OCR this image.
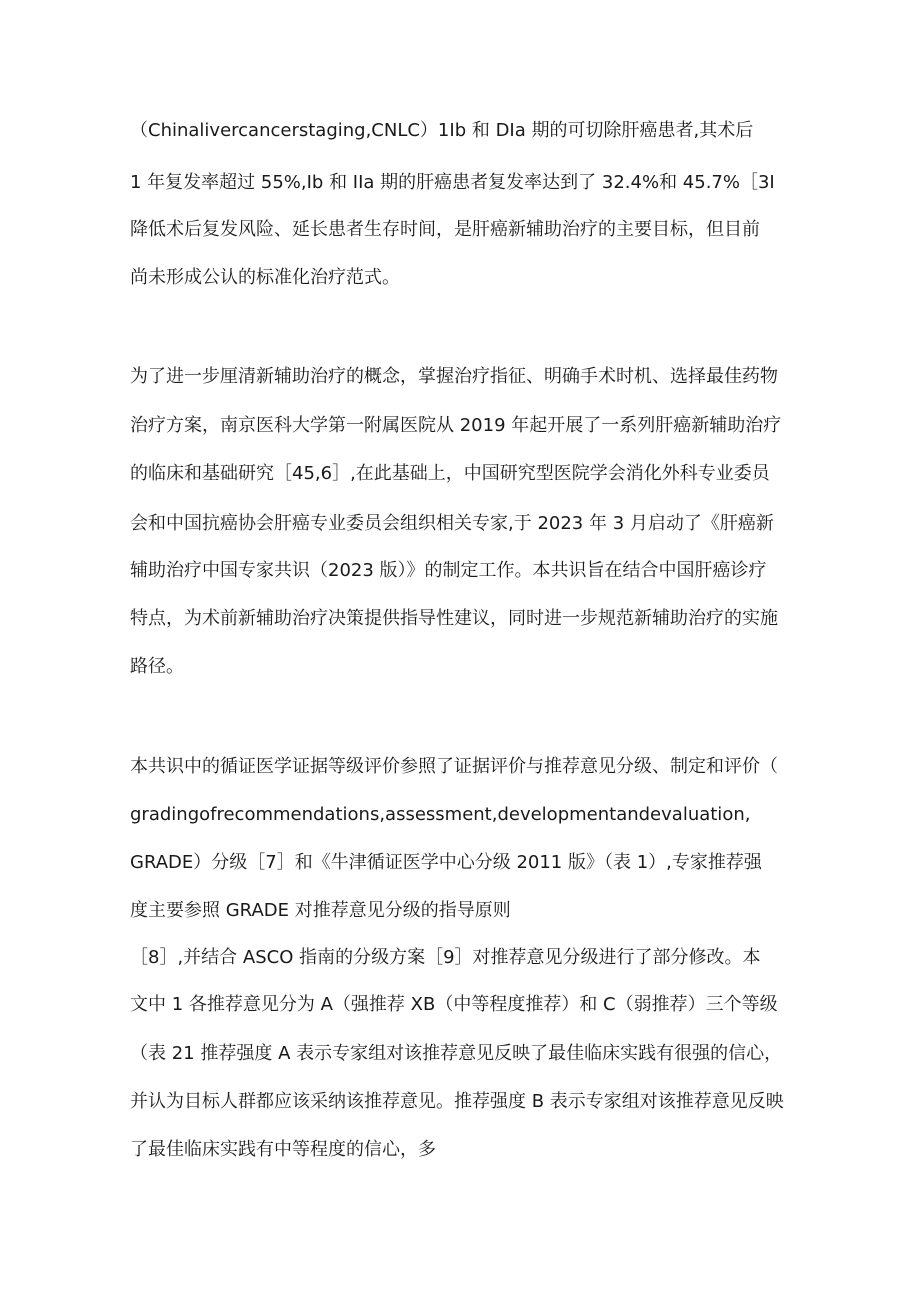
（Chinalivercancerstaging,CNLC）1Ib 和 DIa 期的可切除肝癌患者,其术后
1 年复发率超过 55%,Ib 和 IIa 期的肝癌患者复发率达到了 32.4%和 45.7%［3I
降低术后复发风险、延长患者生存时间，是肝癌新辅助治疗的主要目标，但目前
尚未形成公认的标准化治疗范式。
为了进一步厘清新辅助治疗的概念，掌握治疗指征、明确手术时机、选择最佳药物
治疗方案，南京医科大学第一附属医院从 2019 年起开展了一系列肝癌新辅助治疗
的临床和基础研究［45,6］,在此基础上，中国研究型医院学会消化外科专业委员
会和中国抗癌协会肝癌专业委员会组织相关专家,于 2023 年 3 月启动了《肝癌新
辅助治疗中国专家共识（2023 版）》的制定工作。本共识旨在结合中国肝癌诊疗
特点，为术前新辅助治疗决策提供指导性建议，同时进一步规范新辅助治疗的实施
路径。
本共识中的循证医学证据等级评价参照了证据评价与推荐意见分级、制定和评价（
gradingofrecommendations,assessment,developmentandevaluation,
GRADE）分级［7］和《牛津循证医学中心分级 2011 版》（表 1）,专家推荐强
度主要参照 GRADE 对推荐意见分级的指导原则
［8］,并结合 ASCO 指南的分级方案［9］对推荐意见分级进行了部分修改。本
文中 1 各推荐意见分为 A（强推荐 XB（中等程度推荐）和 C（弱推荐）三个等级
（表 21 推荐强度 A 表示专家组对该推荐意见反映了最佳临床实践有很强的信心，
并认为目标人群都应该采纳该推荐意见。推荐强度 B 表示专家组对该推荐意见反映
了最佳临床实践有中等程度的信心，多
